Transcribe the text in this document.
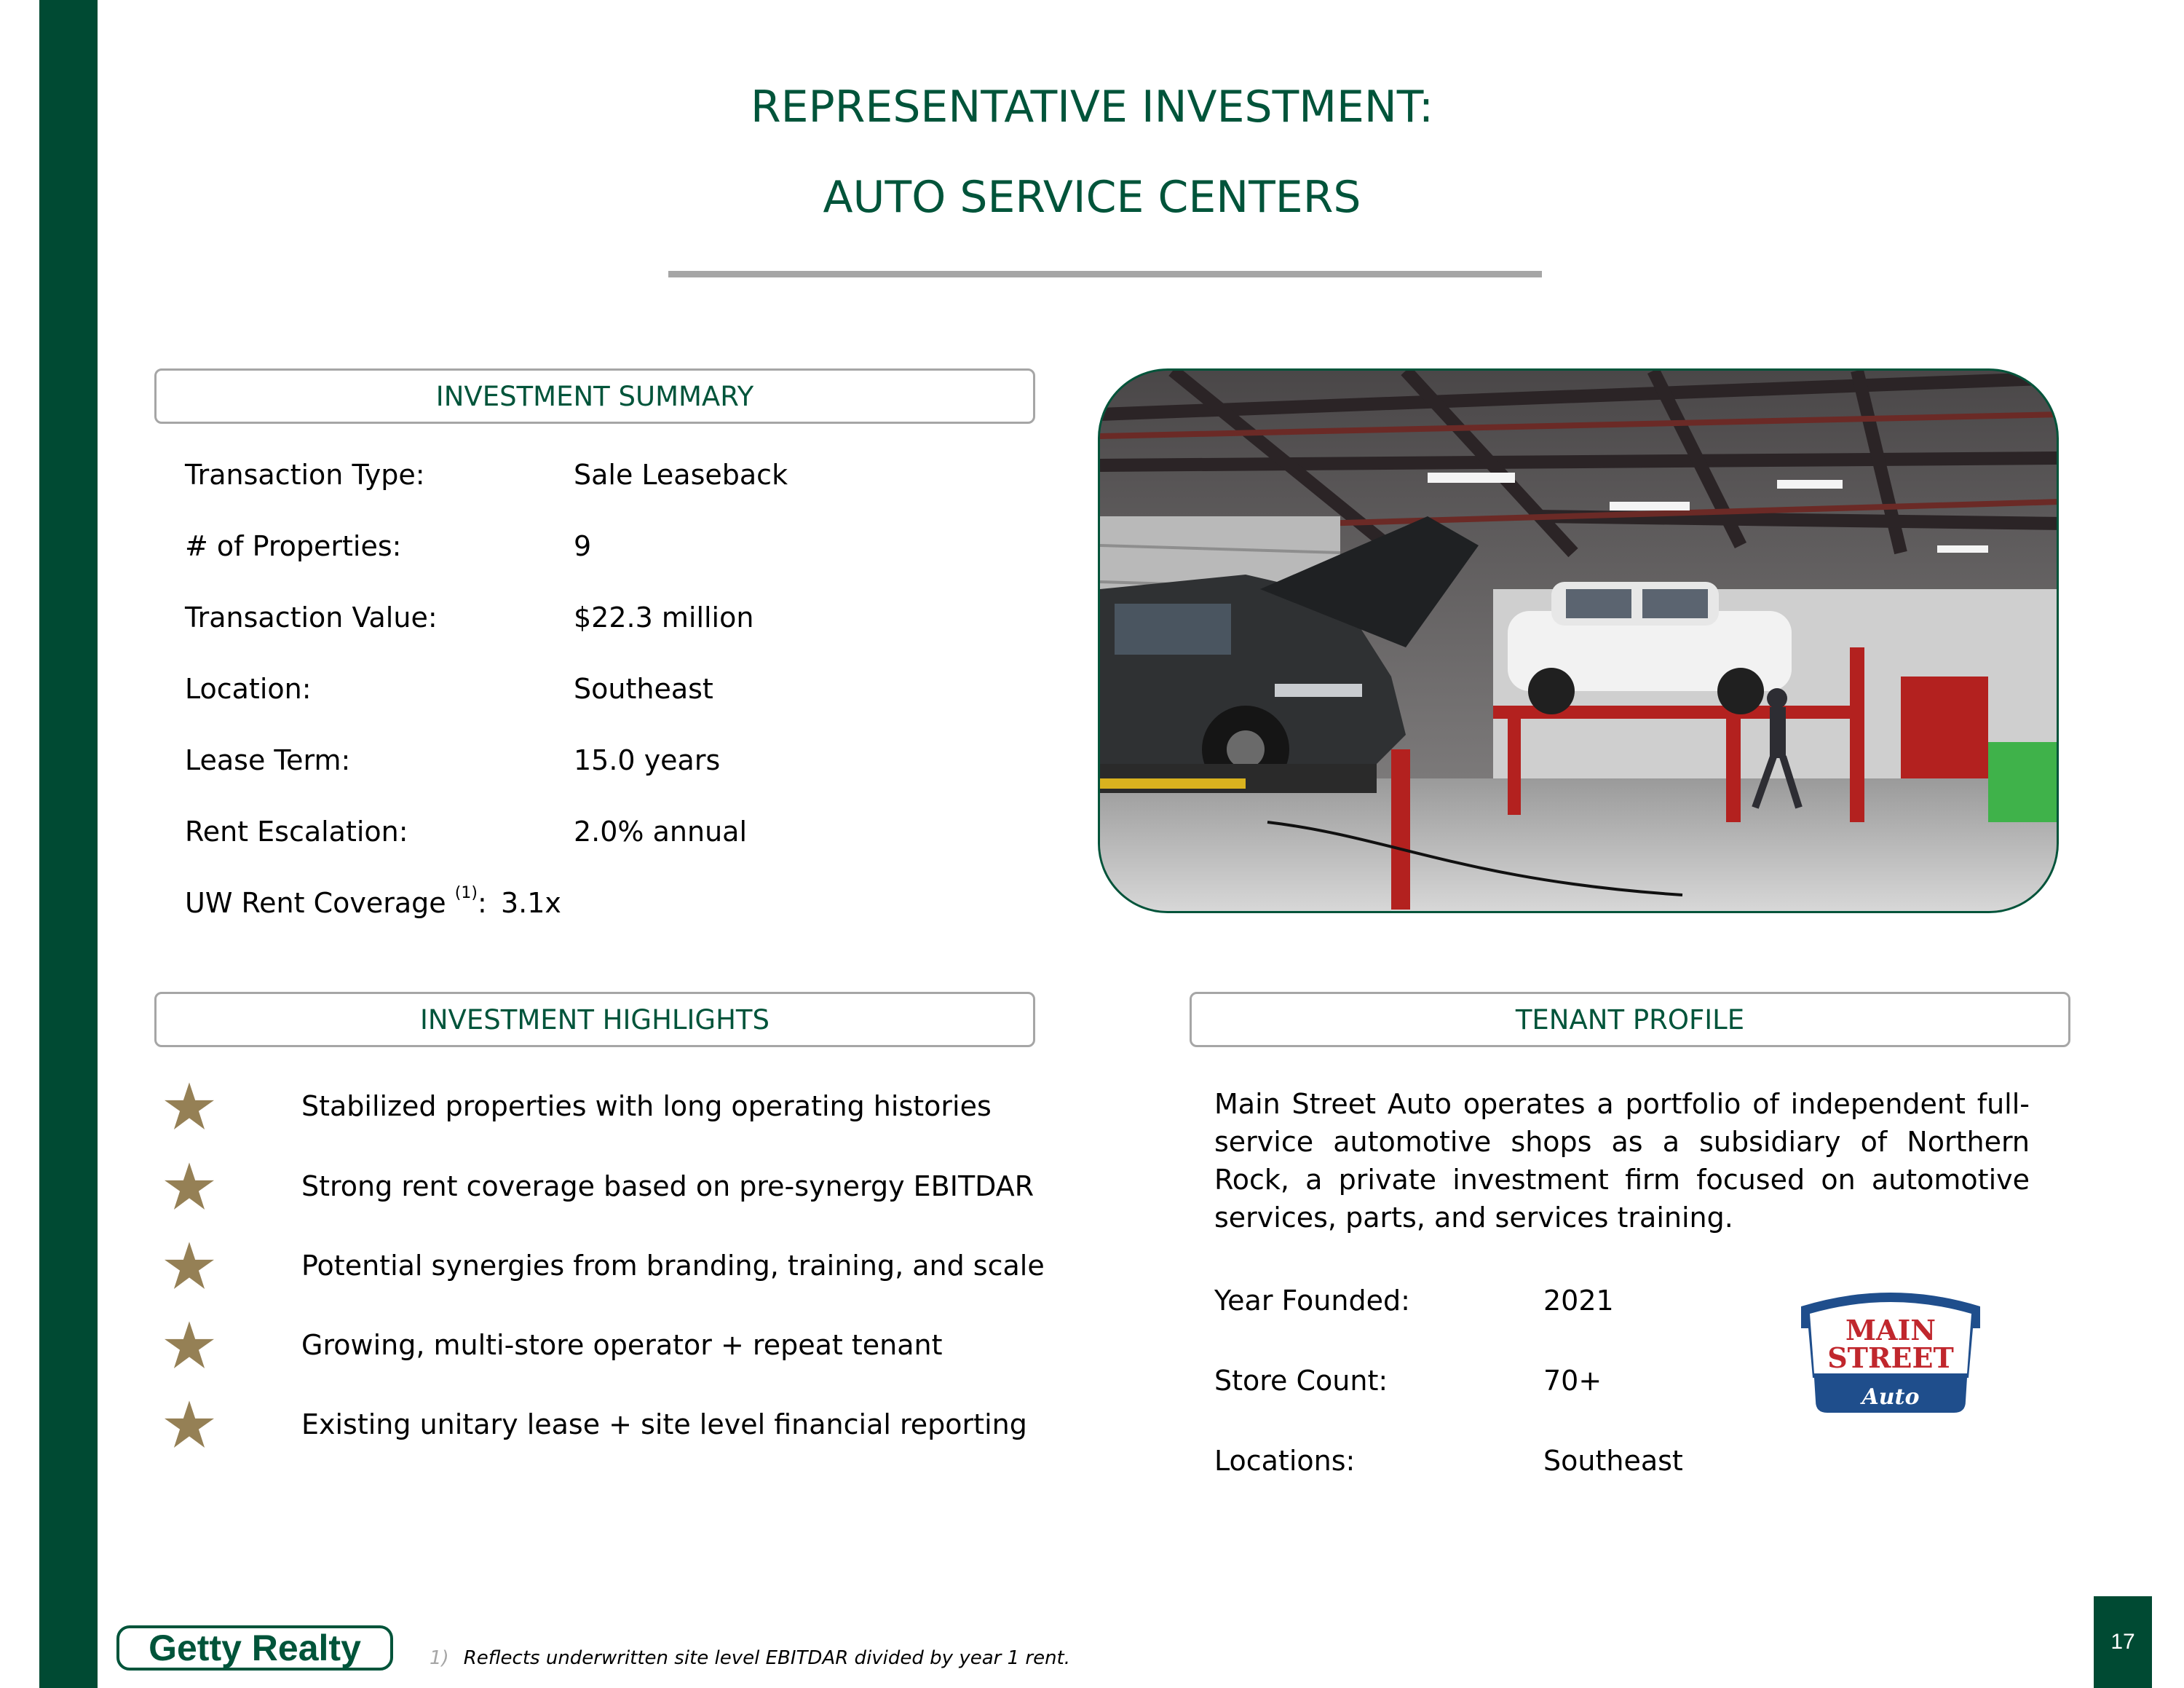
REPRESENTATIVE INVESTMENT:
AUTO SERVICE CENTERS
INVESTMENT SUMMARY
Transaction Type:	Sale Leaseback
# of Properties:	9
Transaction Value:	$22.3 million
Location:	Southeast
Lease Term:	15.0 years
Rent Escalation:	2.0% annual
UW Rent Coverage $^{(1)}$: 3.1x
INVESTMENT HIGHLIGHTS
Stabilized properties with long operating histories
Strong rent coverage based on pre-synergy EBITDAR
Potential synergies from branding, training, and scale
Growing, multi-store operator + repeat tenant
Existing unitary lease + site level financial reporting
TENANT PROFILE
Main Street Auto operates a portfolio of independent full-service automotive shops as a subsidiary of Northern Rock, a private investment firm focused on automotive services, parts, and services training.
Year Founded:	2021
Store Count:	70+
Locations:	Southeast
MAIN
STREET
Auto
Getty Realty	1) Reflects underwritten site level EBITDAR divided by year 1 rent.
17
